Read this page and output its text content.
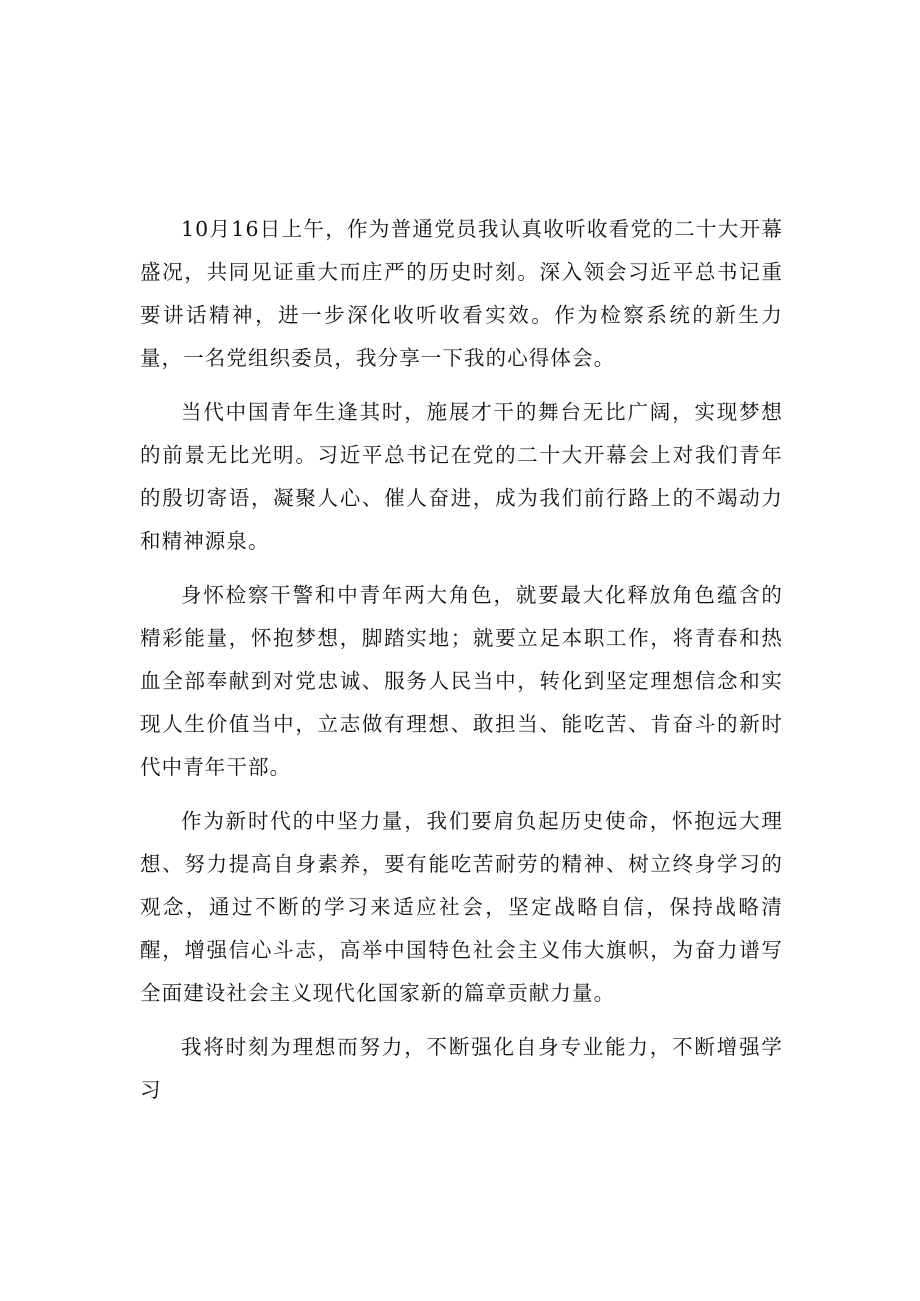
10月16日上午，作为普通党员我认真收听收看党的二十大开幕盛况，共同见证重大而庄严的历史时刻。深入领会习近平总书记重要讲话精神，进一步深化收听收看实效。作为检察系统的新生力量，一名党组织委员，我分享一下我的心得体会。

当代中国青年生逢其时，施展才干的舞台无比广阔，实现梦想的前景无比光明。习近平总书记在党的二十大开幕会上对我们青年的殷切寄语，凝聚人心、催人奋进，成为我们前行路上的不竭动力和精神源泉。

身怀检察干警和中青年两大角色，就要最大化释放角色蕴含的精彩能量，怀抱梦想，脚踏实地；就要立足本职工作，将青春和热血全部奉献到对党忠诚、服务人民当中，转化到坚定理想信念和实现人生价值当中，立志做有理想、敢担当、能吃苦、肯奋斗的新时代中青年干部。

作为新时代的中坚力量，我们要肩负起历史使命，怀抱远大理想、努力提高自身素养，要有能吃苦耐劳的精神、树立终身学习的观念，通过不断的学习来适应社会，坚定战略自信，保持战略清醒，增强信心斗志，高举中国特色社会主义伟大旗帜，为奋力谱写全面建设社会主义现代化国家新的篇章贡献力量。

我将时刻为理想而努力，不断强化自身专业能力，不断增强学习
